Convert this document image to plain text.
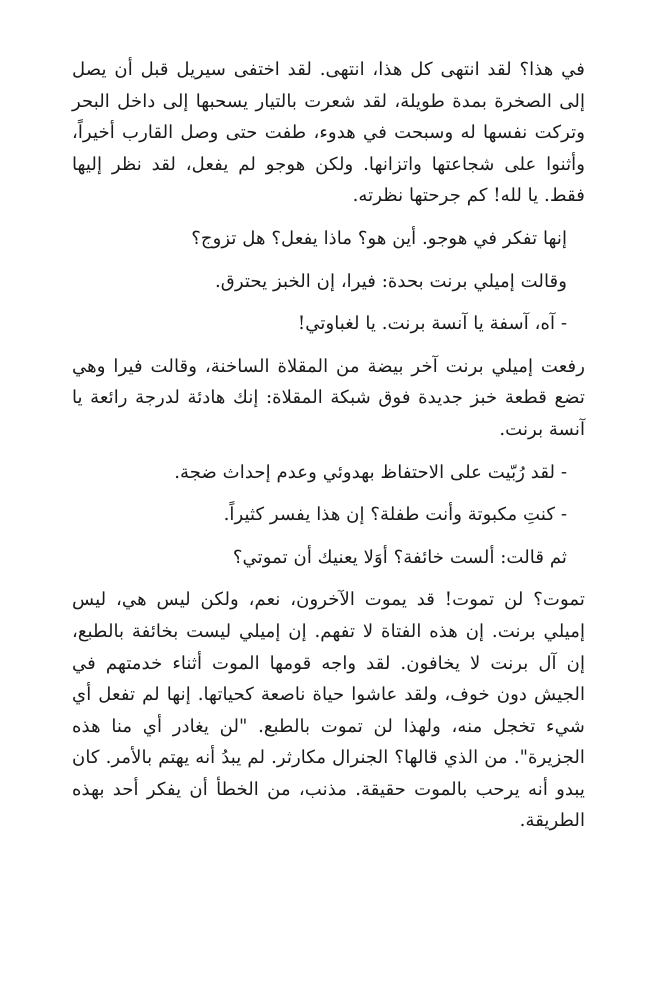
في هذا؟ لقد انتهى كل هذا، انتهى. لقد اختفى سيريل قبل أن يصل إلى الصخرة بمدة طويلة، لقد شعرت بالتيار يسحبها إلى داخل البحر وتركت نفسها له وسبحت في هدوء، طفت حتى وصل القارب أخيراً، وأثنوا على شجاعتها واتزانها. ولكن هوجو لم يفعل، لقد نظر إليها فقط. يا لله! كم جرحتها نظرته.

إنها تفكر في هوجو. أين هو؟ ماذا يفعل؟ هل تزوج؟

وقالت إميلي برنت بحدة: فيرا، إن الخبز يحترق.

- آه، آسفة يا آنسة برنت. يا لغباوتي!

رفعت إميلي برنت آخر بيضة من المقلاة الساخنة، وقالت فيرا وهي تضع قطعة خبز جديدة فوق شبكة المقلاة: إنك هادئة لدرجة رائعة يا آنسة برنت.

- لقد رُبّيت على الاحتفاظ بهدوئي وعدم إحداث ضجة.

- كنتِ مكبوتة وأنت طفلة؟ إن هذا يفسر كثيراً.

ثم قالت: ألست خائفة؟ أوَلا يعنيك أن تموتي؟

تموت؟ لن تموت! قد يموت الآخرون، نعم، ولكن ليس هي، ليس إميلي برنت. إن هذه الفتاة لا تفهم. إن إميلي ليست بخائفة بالطبع، إن آل برنت لا يخافون. لقد واجه قومها الموت أثناء خدمتهم في الجيش دون خوف، ولقد عاشوا حياة ناصعة كحياتها. إنها لم تفعل أي شيء تخجل منه، ولهذا لن تموت بالطبع. "لن يغادر أي منا هذه الجزيرة". من الذي قالها؟ الجنرال مكارثر. لم يبدُ أنه يهتم بالأمر. كان يبدو أنه يرحب بالموت حقيقة. مذنب، من الخطأ أن يفكر أحد بهذه الطريقة.
